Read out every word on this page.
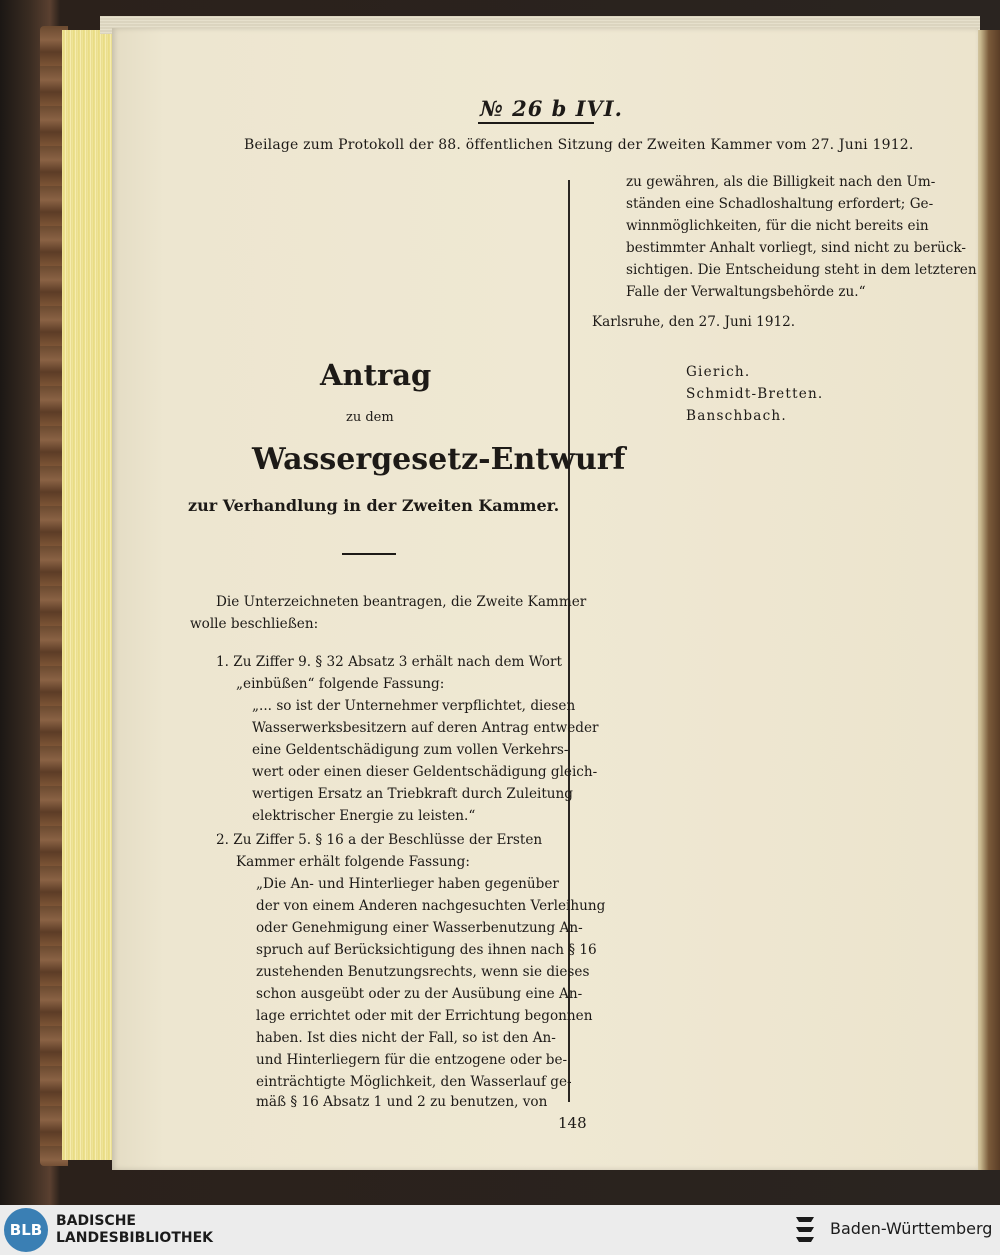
№ 26 b IVI.
Beilage zum Protokoll der 88. öffentlichen Sitzung der Zweiten Kammer vom 27. Juni 1912.
Antrag
zu dem
Wassergesetz-Entwurf
zur Verhandlung in der Zweiten Kammer.
Die Unterzeichneten beantragen, die Zweite Kammer
wolle beschließen:
1. Zu Ziffer 9. § 32 Absatz 3 erhält nach dem Wort
„einbüßen“ folgende Fassung:
„... so ist der Unternehmer verpflichtet, diesen
Wasserwerksbesitzern auf deren Antrag entweder
eine Geldentschädigung zum vollen Verkehrs-
wert oder einen dieser Geldentschädigung gleich-
wertigen Ersatz an Triebkraft durch Zuleitung
elektrischer Energie zu leisten.“
2. Zu Ziffer 5. § 16 a der Beschlüsse der Ersten
Kammer erhält folgende Fassung:
„Die An- und Hinterlieger haben gegenüber
der von einem Anderen nachgesuchten Verleihung
oder Genehmigung einer Wasserbenutzung An-
spruch auf Berücksichtigung des ihnen nach § 16
zustehenden Benutzungsrechts, wenn sie dieses
schon ausgeübt oder zu der Ausübung eine An-
lage errichtet oder mit der Errichtung begonnen
haben. Ist dies nicht der Fall, so ist den An-
und Hinterliegern für die entzogene oder be-
einträchtigte Möglichkeit, den Wasserlauf ge-
mäß § 16 Absatz 1 und 2 zu benutzen, von
zu gewähren, als die Billigkeit nach den Um-
ständen eine Schadloshaltung erfordert; Ge-
winnmöglichkeiten, für die nicht bereits ein
bestimmter Anhalt vorliegt, sind nicht zu berück-
sichtigen. Die Entscheidung steht in dem letzteren
Falle der Verwaltungsbehörde zu.“
Karlsruhe, den 27. Juni 1912.
Gierich.
Schmidt-Bretten.
Banschbach.
148
BLB BADISCHE
LANDESBIBLIOTHEK	Baden-Württemberg
